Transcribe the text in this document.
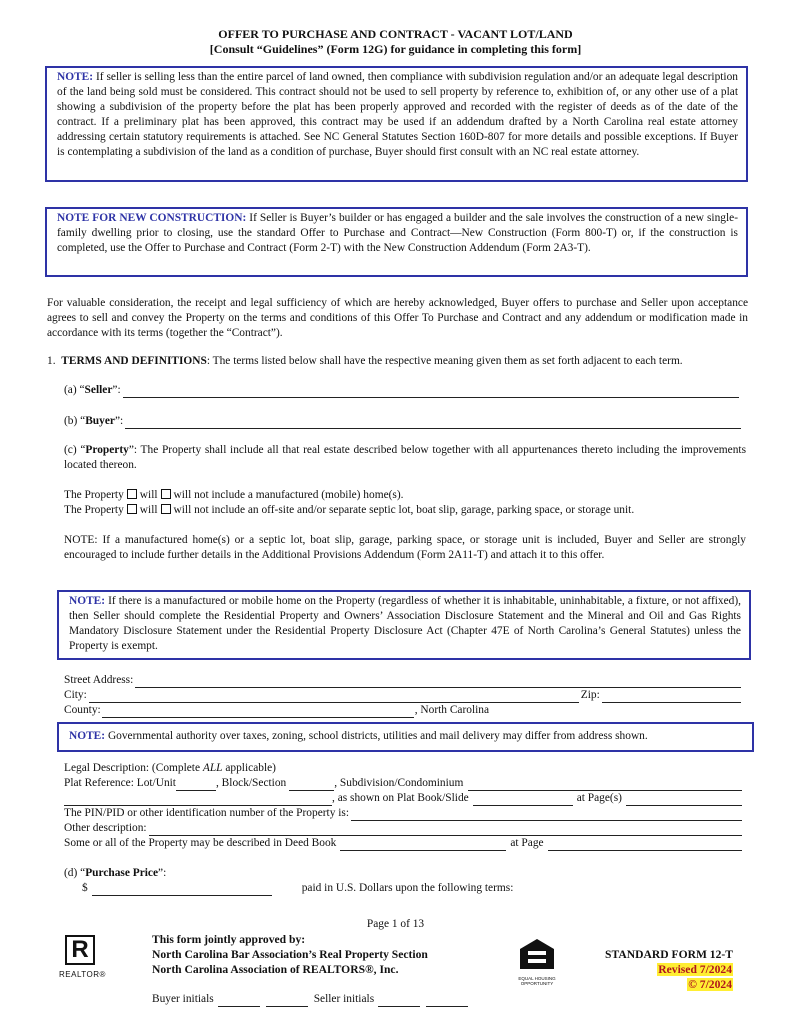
OFFER TO PURCHASE AND CONTRACT - VACANT LOT/LAND
[Consult “Guidelines” (Form 12G) for guidance in completing this form]
NOTE: If seller is selling less than the entire parcel of land owned, then compliance with subdivision regulation and/or an adequate legal description of the land being sold must be considered. This contract should not be used to sell property by reference to, exhibition of, or any other use of a plat showing a subdivision of the property before the plat has been properly approved and recorded with the register of deeds as of the date of the contract. If a preliminary plat has been approved, this contract may be used if an addendum drafted by a North Carolina real estate attorney addressing certain statutory requirements is attached. See NC General Statutes Section 160D-807 for more details and possible exceptions. If Buyer is contemplating a subdivision of the land as a condition of purchase, Buyer should first consult with an NC real estate attorney.
NOTE FOR NEW CONSTRUCTION: If Seller is Buyer’s builder or has engaged a builder and the sale involves the construction of a new single-family dwelling prior to closing, use the standard Offer to Purchase and Contract—New Construction (Form 800-T) or, if the construction is completed, use the Offer to Purchase and Contract (Form 2-T) with the New Construction Addendum (Form 2A3-T).
For valuable consideration, the receipt and legal sufficiency of which are hereby acknowledged, Buyer offers to purchase and Seller upon acceptance agrees to sell and convey the Property on the terms and conditions of this Offer To Purchase and Contract and any addendum or modification made in accordance with its terms (together the “Contract”).
1. TERMS AND DEFINITIONS: The terms listed below shall have the respective meaning given them as set forth adjacent to each term.
(a) “Seller”:
(b) “Buyer”:
(c) “Property”: The Property shall include all that real estate described below together with all appurtenances thereto including the improvements located thereon.
The Property will will not include a manufactured (mobile) home(s).
The Property will will not include an off-site and/or separate septic lot, boat slip, garage, parking space, or storage unit.
NOTE: If a manufactured home(s) or a septic lot, boat slip, garage, parking space, or storage unit is included, Buyer and Seller are strongly encouraged to include further details in the Additional Provisions Addendum (Form 2A11-T) and attach it to this offer.
NOTE: If there is a manufactured or mobile home on the Property (regardless of whether it is inhabitable, uninhabitable, a fixture, or not affixed), then Seller should complete the Residential Property and Owners’ Association Disclosure Statement and the Mineral and Oil and Gas Rights Mandatory Disclosure Statement under the Residential Property Disclosure Act (Chapter 47E of North Carolina’s General Statutes) unless the Property is exempt.
Street Address:
City:	Zip:
County:	, North Carolina
NOTE: Governmental authority over taxes, zoning, school districts, utilities and mail delivery may differ from address shown.
Legal Description: (Complete ALL applicable)
Plat Reference: Lot/Unit	, Block/Section	, Subdivision/Condominium
, as shown on Plat Book/Slide	at Page(s)
The PIN/PID or other identification number of the Property is:
Other description:
Some or all of the Property may be described in Deed Book	at Page
(d) “Purchase Price”:
$	paid in U.S. Dollars upon the following terms:
Page 1 of 13
R
REALTOR®
This form jointly approved by:
North Carolina Bar Association’s Real Property Section
North Carolina Association of REALTORS®, Inc.
EQUAL HOUSING
OPPORTUNITY
STANDARD FORM 12-T
Revised 7/2024
© 7/2024
Buyer initials	Seller initials
